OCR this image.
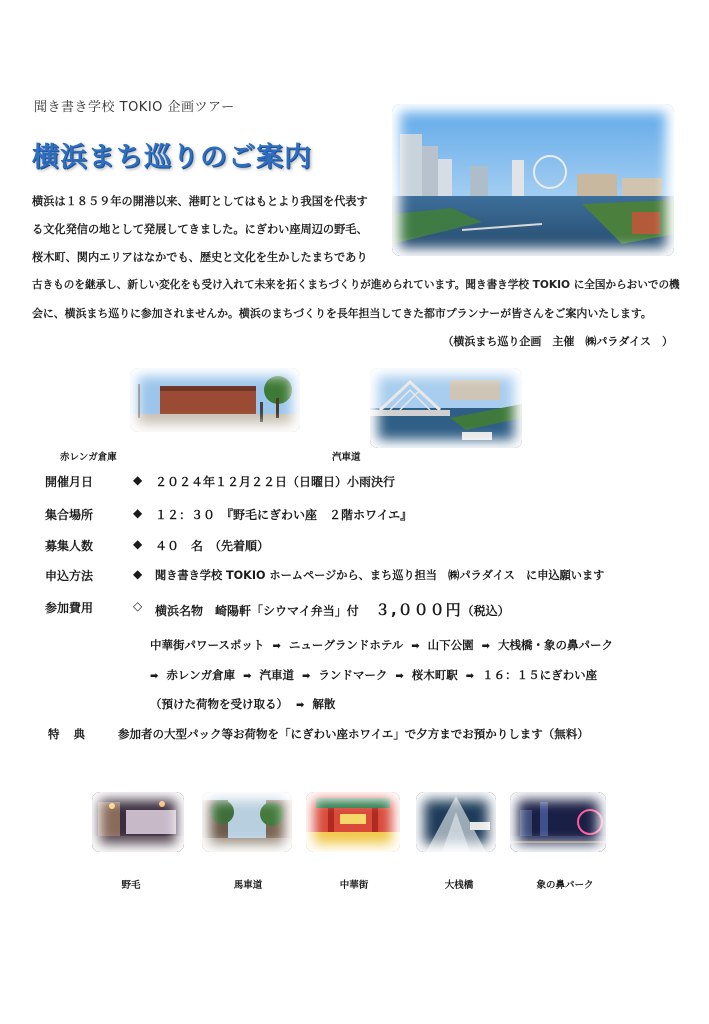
聞き書き学校 TOKIO 企画ツアー
横浜まち巡りのご案内
横浜は１８５９年の開港以来、港町としてはもとより我国を代表す
る文化発信の地として発展してきました。にぎわい座周辺の野毛、
桜木町、関内エリアはなかでも、歴史と文化を生かしたまちであり
古きものを継承し、新しい変化をも受け入れて未来を拓くまちづくりが進められています。聞き書き学校 TOKIO に全国からおいでの機
会に、横浜まち巡りに参加されませんか。横浜のまちづくりを長年担当してきた都市プランナーが皆さんをご案内いたします。
（横浜まち巡り企画　主催　㈱パラダイス　）
赤レンガ倉庫	汽車道
開催月日	◆ ２０２４年１２月２２日（日曜日）小雨決行
集合場所	◆ １２：３０　『野毛にぎわい座　２階ホワイエ』
募集人数	◆ ４０　名　（先着順）
申込方法	◆ 聞き書き学校 TOKIO ホームページから、まち巡り担当　㈱パラダイス　に申込願います
参加費用	◇ 横浜名物　崎陽軒「シウマイ弁当」付 ３,０００円（税込）
中華街パワースポット ➡ ニューグランドホテル ➡ 山下公園 ➡ 大桟橋・象の鼻パーク
➡ 赤レンガ倉庫 ➡ 汽車道 ➡ ランドマーク ➡ 桜木町駅 ➡ １６：１５にぎわい座
（預けた荷物を受け取る） ➡ 解散
特典 参加者の大型パック等お荷物を「にぎわい座ホワイエ」で夕方までお預かりします（無料）
野毛	馬車道	中華街	大桟橋	象の鼻パーク
